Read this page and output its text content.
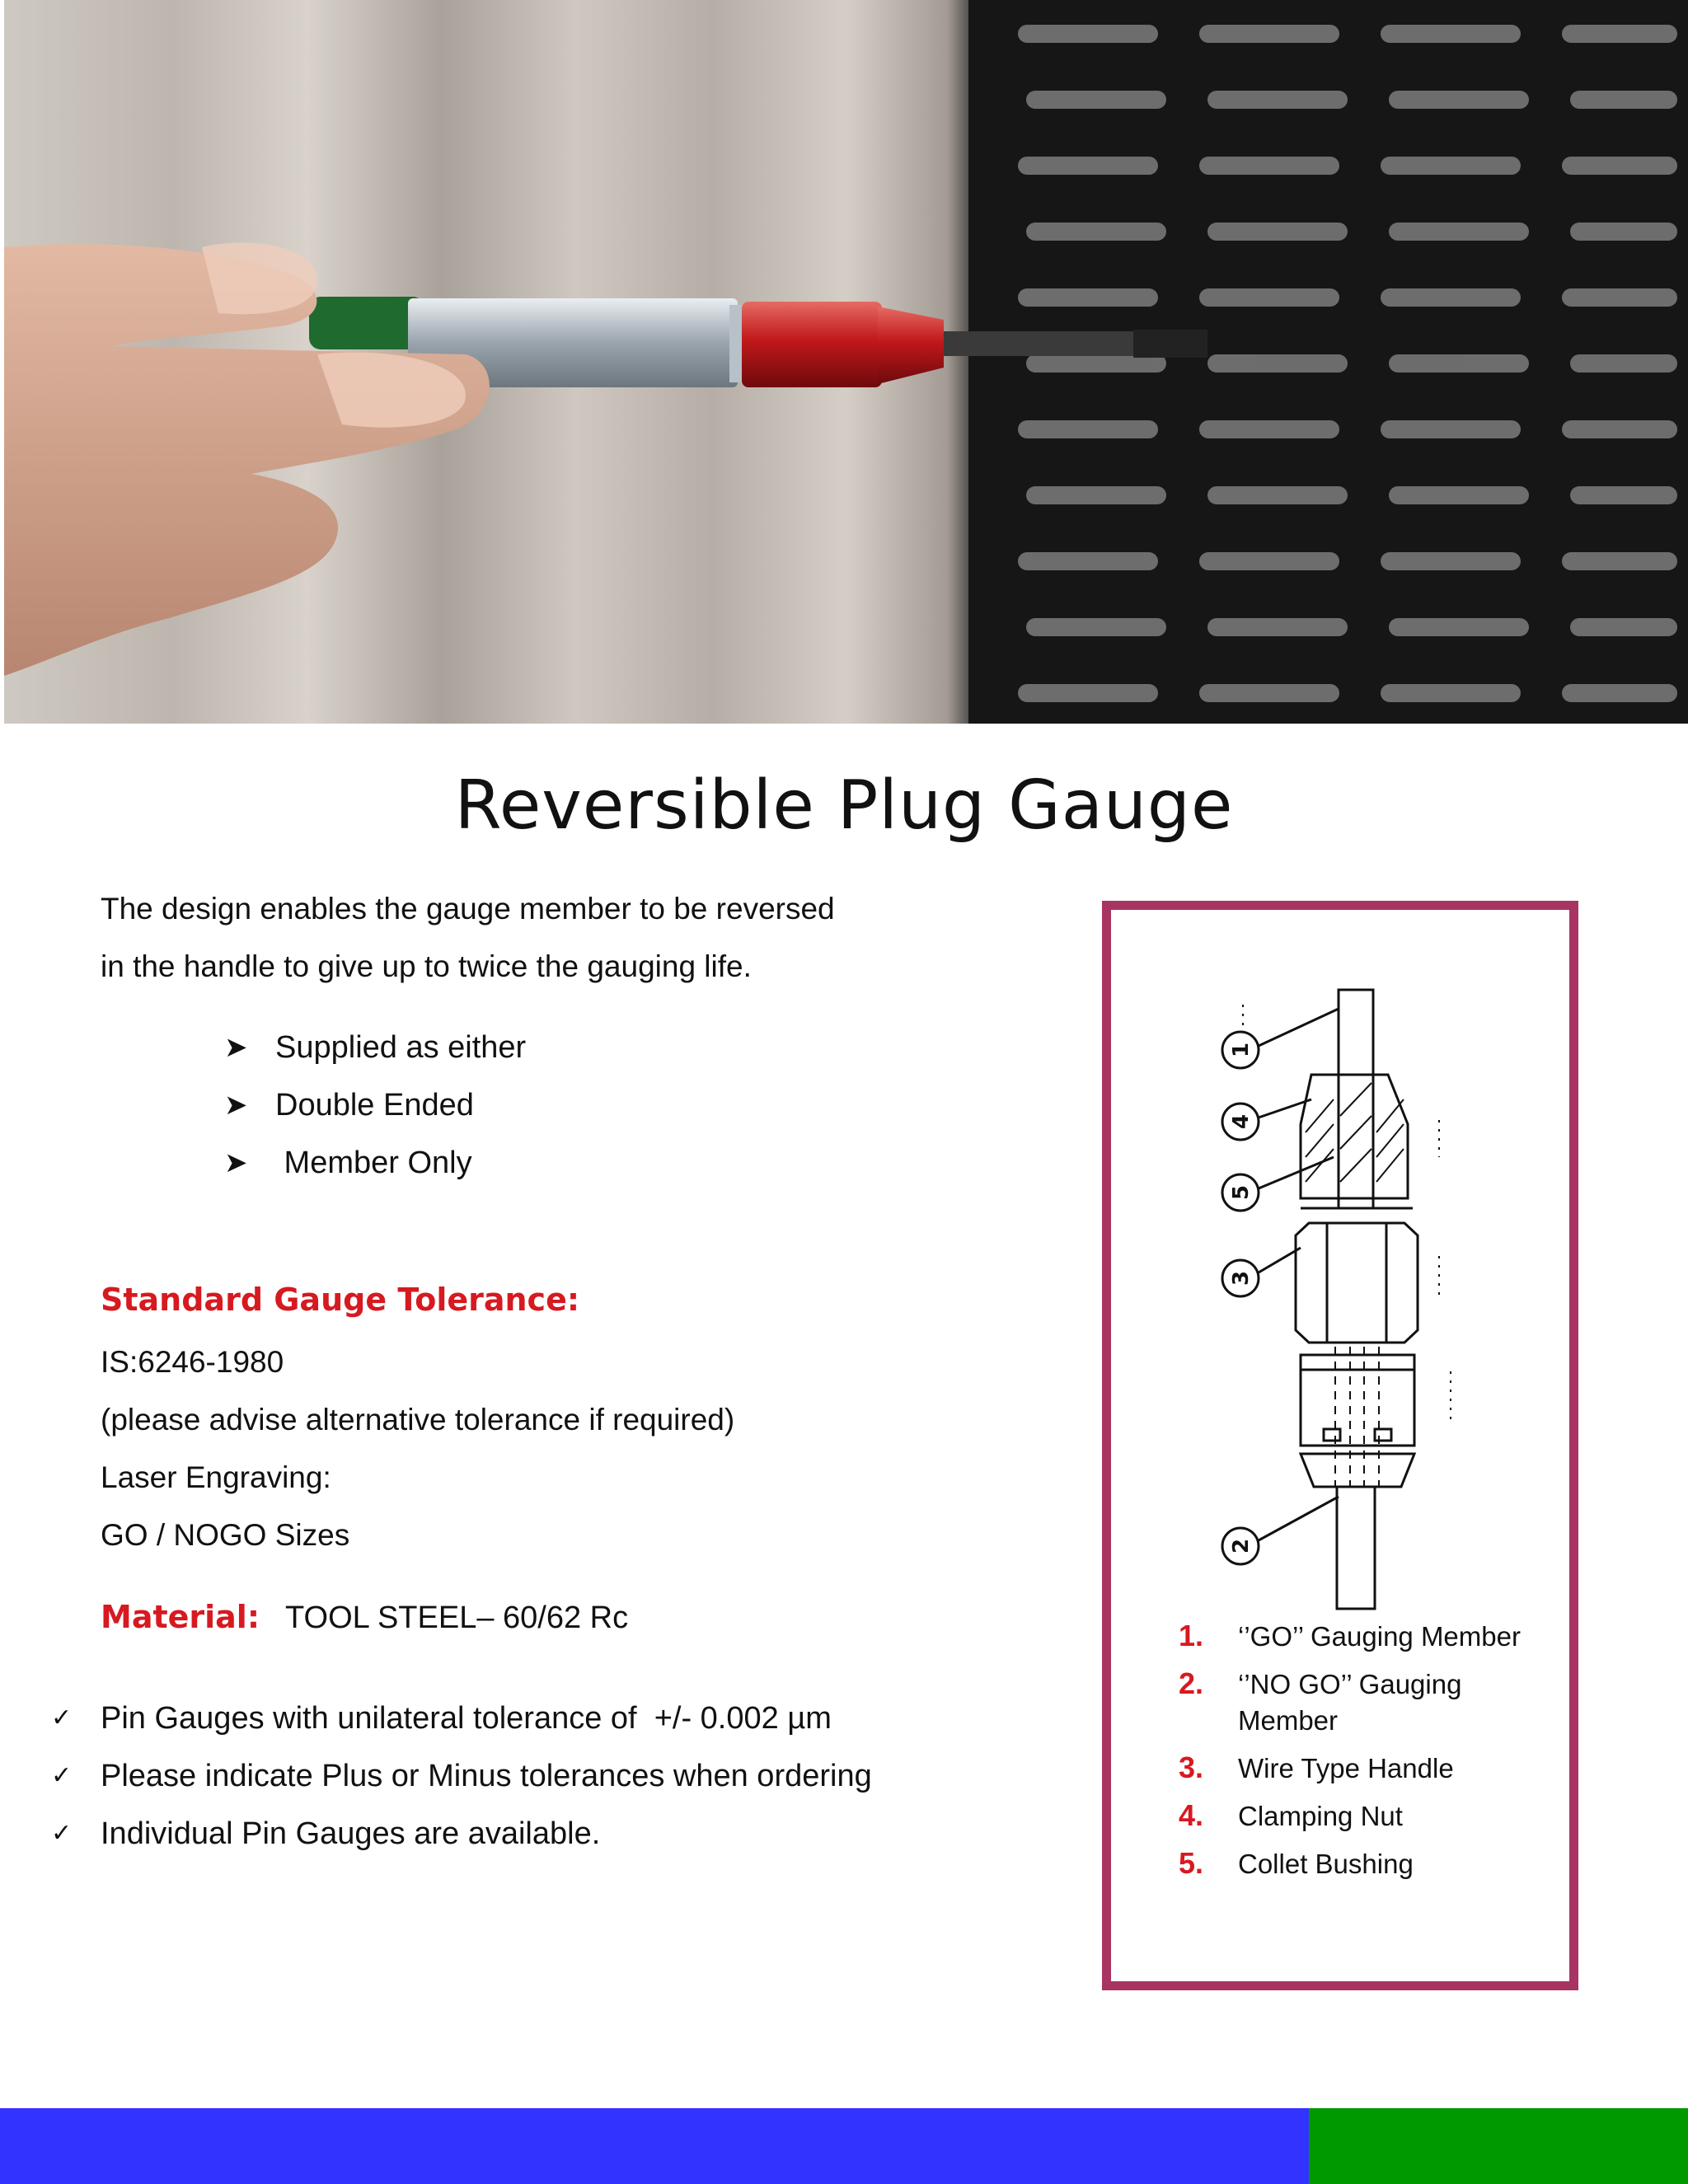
Reversible Plug Gauge

The design enables the gauge member to be reversed

in the handle to give up to twice the gauging life.

➤ Supplied as either
➤ Double Ended
➤ Member Only
Standard Gauge Tolerance:
IS:6246-1980
(please advise alternative tolerance if required)
Laser Engraving:
GO / NOGO Sizes
Material: TOOL STEEL– 60/62 Rc
✓ Pin Gauges with unilateral tolerance of  +/- 0.002 µm
✓ Please indicate Plus or Minus tolerances when ordering
✓ Individual Pin Gauges are available.
1
4
5
3
2
1.	‘’GO’’ Gauging Member
2.	‘’NO GO’’ Gauging Member
3.	Wire Type Handle
4.	Clamping Nut
5.	Collet Bushing
